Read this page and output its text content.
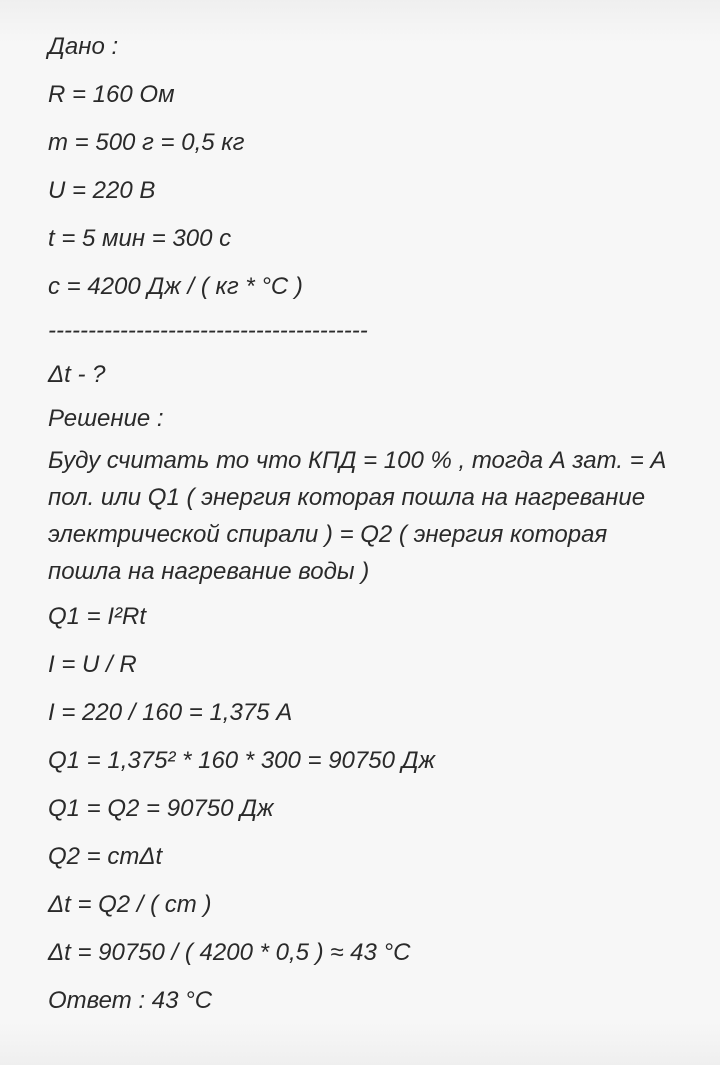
Дано :
R = 160 Ом
m = 500 г = 0,5 кг
U = 220 В
t = 5 мин = 300 с
c = 4200 Дж / ( кг * °С )
----------------------------------------
Δt - ?
Решение :
Буду считать то что КПД = 100 % , тогда А зат. = А
пол. или Q1 ( энергия которая пошла на нагревание
электрической спирали ) = Q2 ( энергия которая
пошла на нагревание воды )
Q1 = I²Rt
I = U / R
I = 220 / 160 = 1,375 А
Q1 = 1,375² * 160 * 300 = 90750 Дж
Q1 = Q2 = 90750 Дж
Q2 = cmΔt
Δt = Q2 / ( cm )
Δt = 90750 / ( 4200 * 0,5 ) ≈ 43 °С
Ответ : 43 °С
